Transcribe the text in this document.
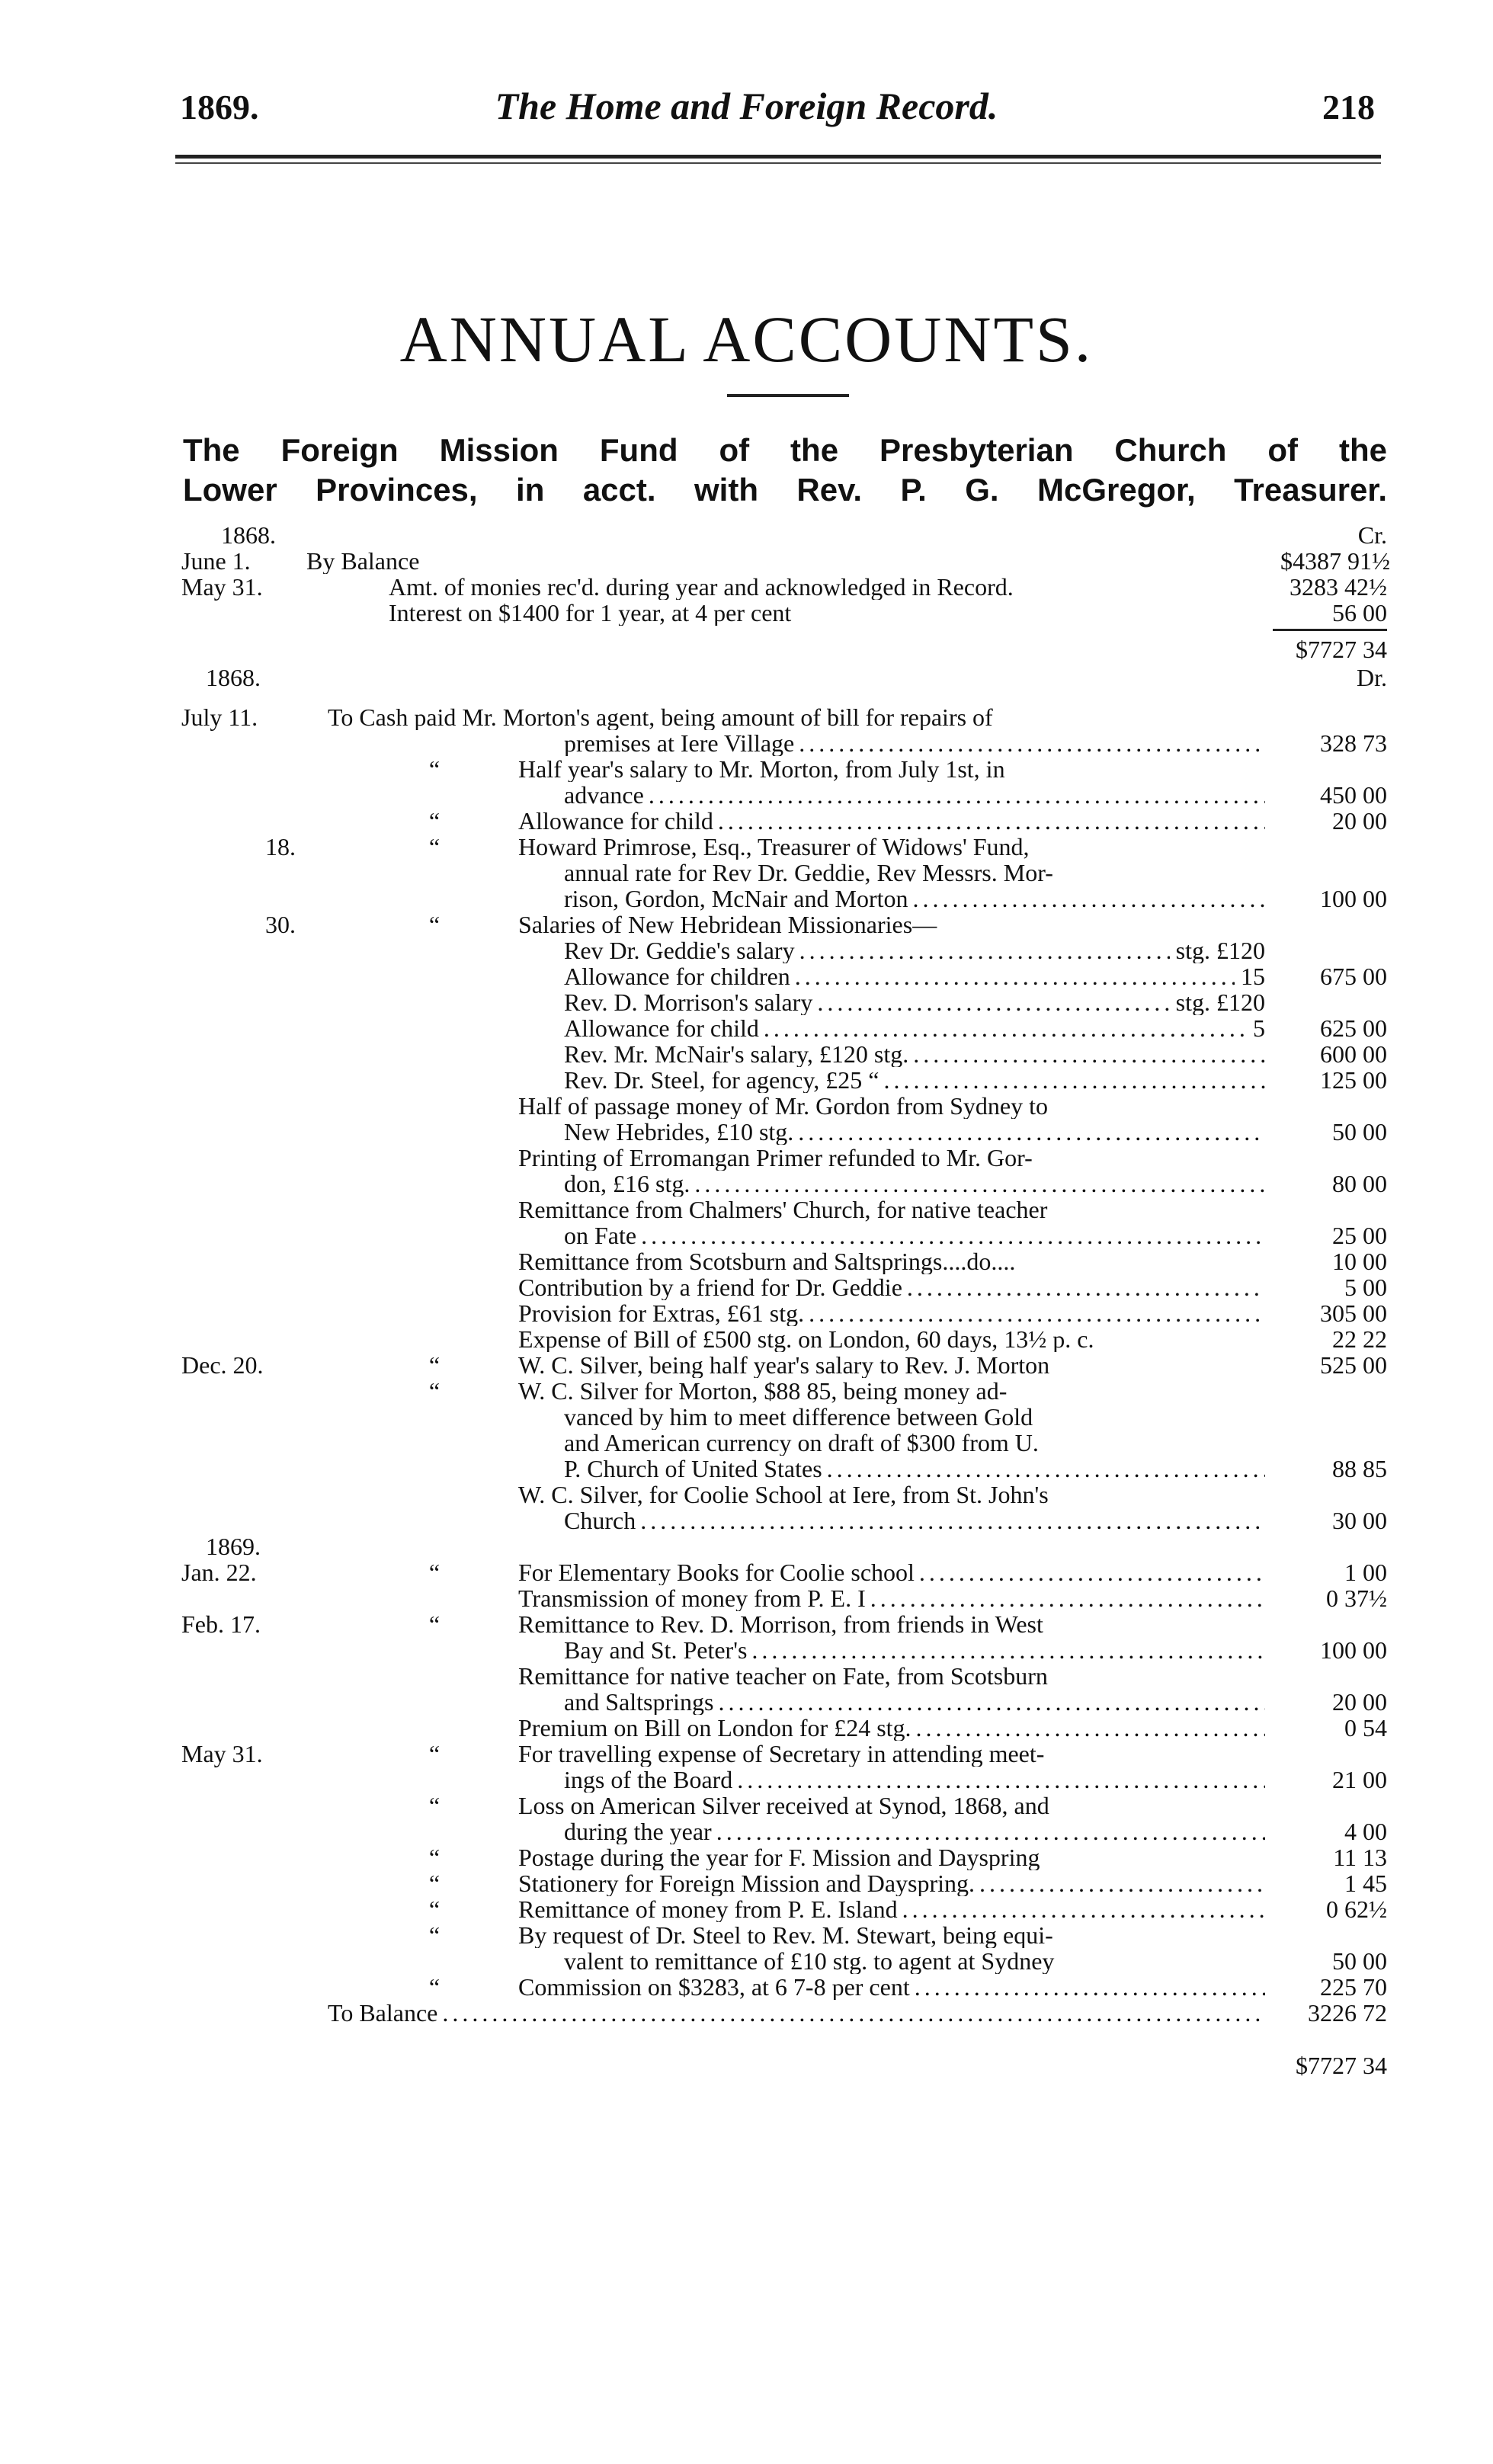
1869.	The Home and Foreign Record.	218
ANNUAL ACCOUNTS.
The Foreign Mission Fund of the Presbyterian Church of the
Lower Provinces, in acct. with Rev. P. G. McGregor, Treasurer.
1868.	Cr.
June 1. By Balance	$4387 91½
May 31.	Amt. of monies rec'd. during year and acknowledged in Record.	3283 42½
Interest on $1400 for 1 year, at 4 per cent	56 00
$7727 34
1868.	Dr.
July 11.	To Cash paid Mr. Morton's agent, being amount of bill for repairs of
premises at Iere Village .....	328 73
“	Half year's salary to Mr. Morton, from July 1st, in
advance .....	450 00
“	Allowance for child .....	20 00
18.	“	Howard Primrose, Esq., Treasurer of Widows' Fund,
annual rate for Rev Dr. Geddie, Rev Messrs. Mor-
rison, Gordon, McNair and Morton .....	100 00
30.	“	Salaries of New Hebridean Missionaries—
Rev Dr. Geddie's salary .....	stg. £120
Allowance for children .....	15	675 00
Rev. D. Morrison's salary .....	stg. £120
Allowance for child .....	5	625 00
Rev. Mr. McNair's salary, £120 stg. .....	600 00
Rev. Dr. Steel, for agency, £25 “ .....	125 00
Half of passage money of Mr. Gordon from Sydney to
New Hebrides, £10 stg. .....	50 00
Printing of Erromangan Primer refunded to Mr. Gor-
don, £16 stg. .....	80 00
Remittance from Chalmers' Church, for native teacher
on Fate .....	25 00
Remittance from Scotsburn and Saltsprings....do....	10 00
Contribution by a friend for Dr. Geddie .....	5 00
Provision for Extras, £61 stg. .....	305 00
Expense of Bill of £500 stg. on London, 60 days, 13½ p. c.	22 22
Dec. 20.	“	W. C. Silver, being half year's salary to Rev. J. Morton	525 00
“	W. C. Silver for Morton, $88 85, being money ad-
vanced by him to meet difference between Gold
and American currency on draft of $300 from U.
P. Church of United States .....	88 85
W. C. Silver, for Coolie School at Iere, from St. John's
Church .....	30 00
1869.
Jan. 22.	“	For Elementary Books for Coolie school .....	1 00
Transmission of money from P. E. I .....	0 37½
Feb. 17.	“	Remittance to Rev. D. Morrison, from friends in West
Bay and St. Peter's .....	100 00
Remittance for native teacher on Fate, from Scotsburn
and Saltsprings .....	20 00
Premium on Bill on London for £24 stg. .....	0 54
May 31.	“	For travelling expense of Secretary in attending meet-
ings of the Board .....	21 00
“	Loss on American Silver received at Synod, 1868, and
during the year .....	4 00
“	Postage during the year for F. Mission and Dayspring	11 13
“	Stationery for Foreign Mission and Dayspring. .....	1 45
“	Remittance of money from P. E. Island .....	0 62½
“	By request of Dr. Steel to Rev. M. Stewart, being equi-
valent to remittance of £10 stg. to agent at Sydney	50 00
“	Commission on $3283, at 6 7-8 per cent .....	225 70
To Balance .....	3226 72
$7727 34
